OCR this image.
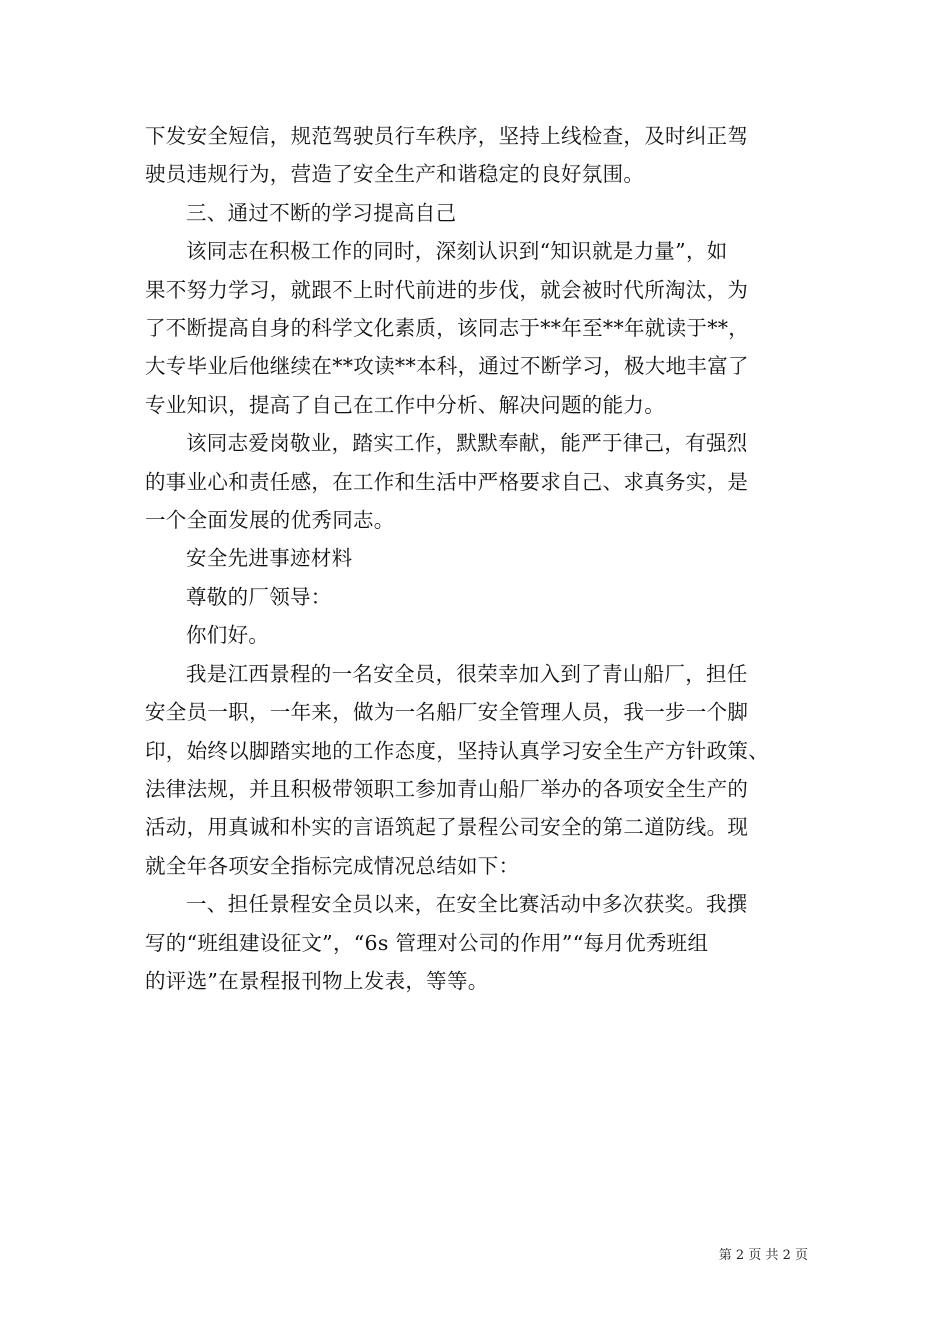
下发安全短信，规范驾驶员行车秩序，坚持上线检查，及时纠正驾
驶员违规行为，营造了安全生产和谐稳定的良好氛围。

三、通过不断的学习提高自己

该同志在积极工作的同时，深刻认识到“知识就是力量”，如
果不努力学习，就跟不上时代前进的步伐，就会被时代所淘汰，为
了不断提高自身的科学文化素质，该同志于**年至**年就读于**，
大专毕业后他继续在**攻读**本科，通过不断学习，极大地丰富了
专业知识，提高了自己在工作中分析、解决问题的能力。

该同志爱岗敬业，踏实工作，默默奉献，能严于律己，有强烈
的事业心和责任感，在工作和生活中严格要求自己、求真务实，是
一个全面发展的优秀同志。

安全先进事迹材料

尊敬的厂领导：

你们好。

我是江西景程的一名安全员，很荣幸加入到了青山船厂，担任
安全员一职，一年来，做为一名船厂安全管理人员，我一步一个脚
印，始终以脚踏实地的工作态度，坚持认真学习安全生产方针政策、
法律法规，并且积极带领职工参加青山船厂举办的各项安全生产的
活动，用真诚和朴实的言语筑起了景程公司安全的第二道防线。现
就全年各项安全指标完成情况总结如下：

一、担任景程安全员以来，在安全比赛活动中多次获奖。我撰
写的“班组建设征文”，“6s 管理对公司的作用”“每月优秀班组
的评选”在景程报刊物上发表，等等。

第 2 页 共 2 页
